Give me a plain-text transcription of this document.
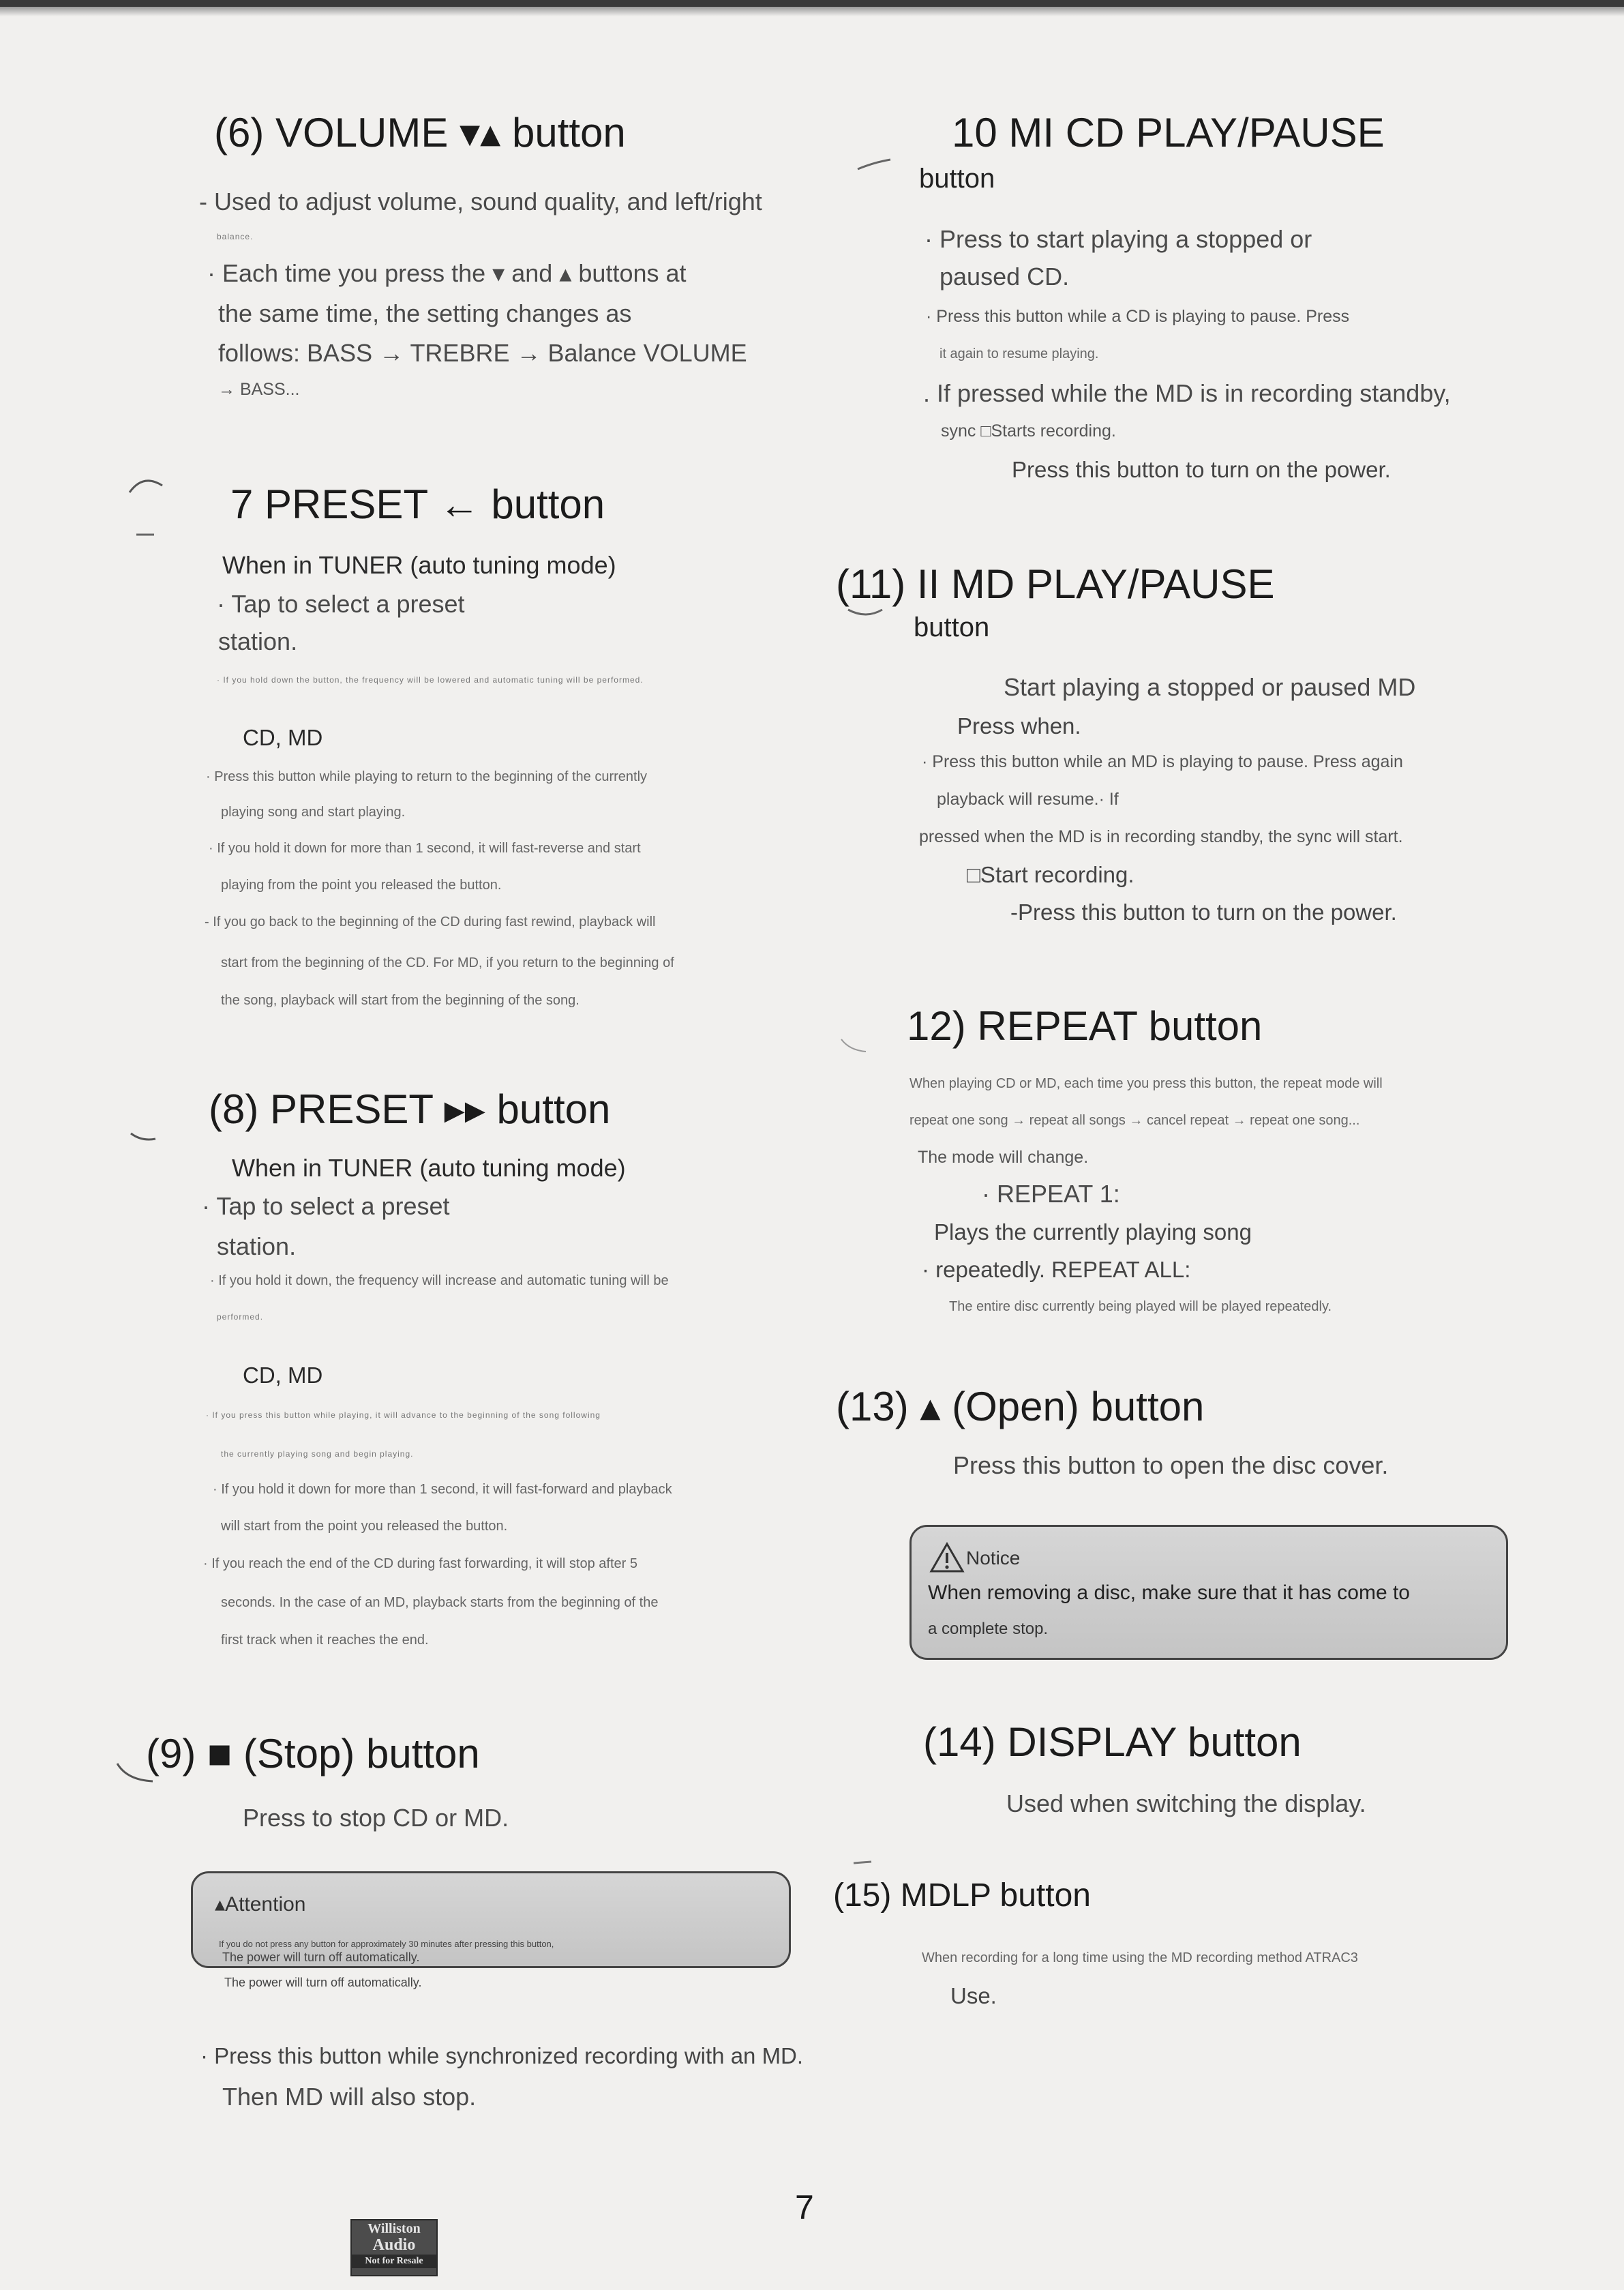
(6) VOLUME ▾▴ button
- Used to adjust volume, sound quality, and left/right
balance.
· Each time you press the ▾ and ▴ buttons at
the same time, the setting changes as
follows: BASS → TREBRE → Balance VOLUME
→ BASS...
7 PRESET ← button
When in TUNER (auto tuning mode)
· Tap to select a preset
station.
· If you hold down the button, the frequency will be lowered and automatic tuning will be performed.
CD, MD
· Press this button while playing to return to the beginning of the currently
playing song and start playing.
· If you hold it down for more than 1 second, it will fast-reverse and start
playing from the point you released the button.
- If you go back to the beginning of the CD during fast rewind, playback will
start from the beginning of the CD. For MD, if you return to the beginning of
the song, playback will start from the beginning of the song.
(8) PRESET ▸▸ button
When in TUNER (auto tuning mode)
· Tap to select a preset
station.
· If you hold it down, the frequency will increase and automatic tuning will be
performed.
CD, MD
· If you press this button while playing, it will advance to the beginning of the song following
the currently playing song and begin playing.
· If you hold it down for more than 1 second, it will fast-forward and playback
will start from the point you released the button.
· If you reach the end of the CD during fast forwarding, it will stop after 5
seconds. In the case of an MD, playback starts from the beginning of the
first track when it reaches the end.
(9) ■ (Stop) button
Press to stop CD or MD.
▴Attention
If you do not press any button for approximately 30 minutes after pressing this button,
The power will turn off automatically.
The power will turn off automatically.
· Press this button while synchronized recording with an MD.
Then MD will also stop.
10 MI CD PLAY/PAUSE
button
· Press to start playing a stopped or
paused CD.
· Press this button while a CD is playing to pause. Press
it again to resume playing.
. If pressed while the MD is in recording standby,
sync □Starts recording.
Press this button to turn on the power.
(11) II MD PLAY/PAUSE
button
Start playing a stopped or paused MD
Press when.
· Press this button while an MD is playing to pause. Press again
playback will resume.· If
pressed when the MD is in recording standby, the sync will start.
□Start recording.
-Press this button to turn on the power.
12) REPEAT button
When playing CD or MD, each time you press this button, the repeat mode will
repeat one song → repeat all songs → cancel repeat → repeat one song...
The mode will change.
· REPEAT 1:
Plays the currently playing song
· repeatedly. REPEAT ALL:
The entire disc currently being played will be played repeatedly.
(13) ▴ (Open) button
Press this button to open the disc cover.
Notice
When removing a disc, make sure that it has come to
a complete stop.
(14) DISPLAY button
Used when switching the display.
(15) MDLP button
When recording for a long time using the MD recording method ATRAC3
Use.
7
Williston
Audio
Not for Resale
